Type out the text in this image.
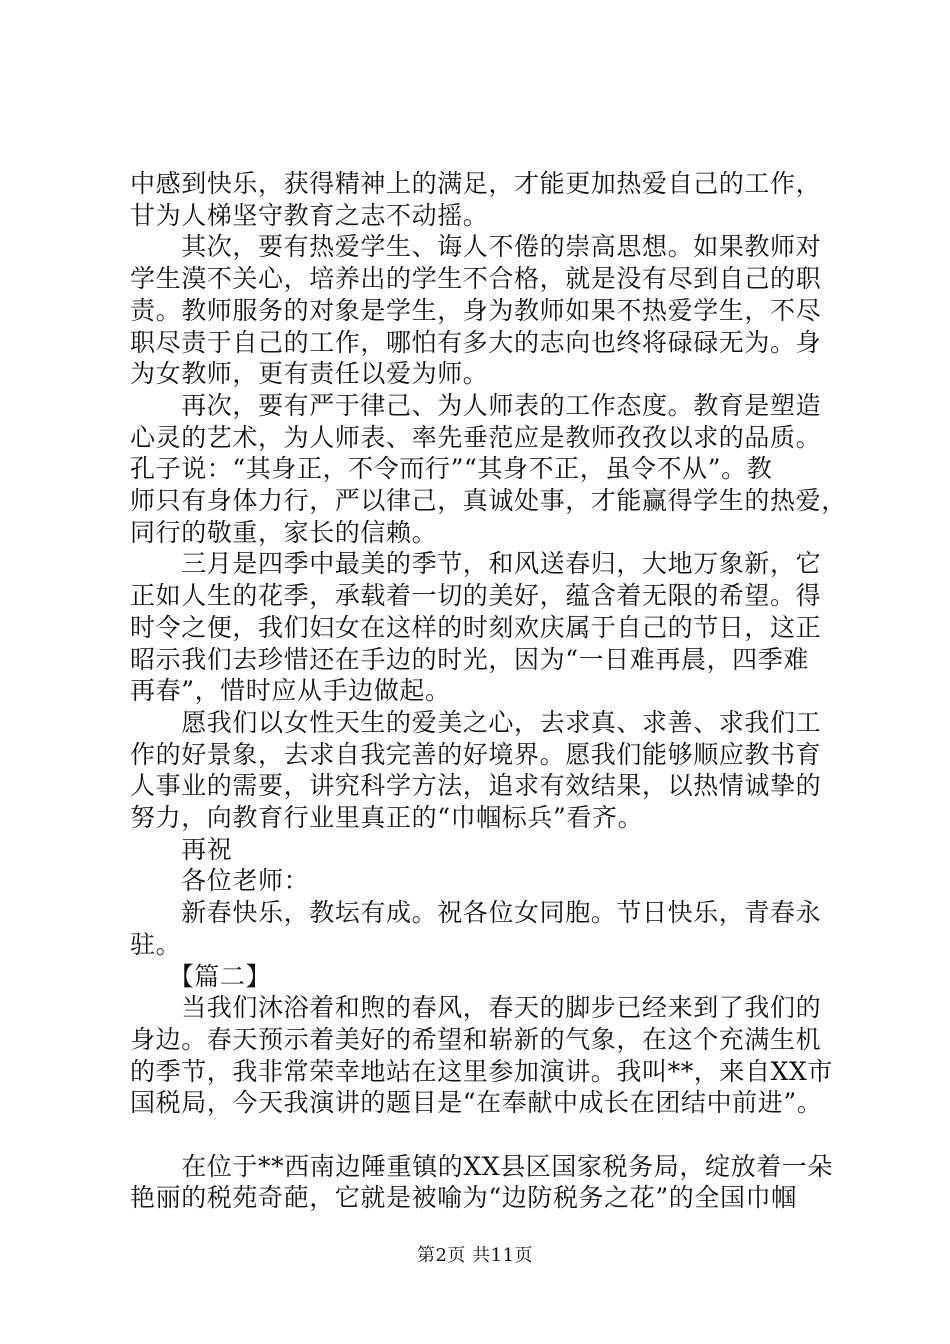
中感到快乐，获得精神上的满足，才能更加热爱自己的工作，
甘为人梯坚守教育之志不动摇。
　　其次，要有热爱学生、诲人不倦的崇高思想。如果教师对
学生漠不关心，培养出的学生不合格，就是没有尽到自己的职
责。教师服务的对象是学生，身为教师如果不热爱学生，不尽
职尽责于自己的工作，哪怕有多大的志向也终将碌碌无为。身
为女教师，更有责任以爱为师。
　　再次，要有严于律己、为人师表的工作态度。教育是塑造
心灵的艺术，为人师表、率先垂范应是教师孜孜以求的品质。
孔子说：“其身正，不令而行”“其身不正，虽令不从”。教
师只有身体力行，严以律己，真诚处事，才能赢得学生的热爱，
同行的敬重，家长的信赖。
　　三月是四季中最美的季节，和风送春归，大地万象新，它
正如人生的花季，承载着一切的美好，蕴含着无限的希望。得
时令之便，我们妇女在这样的时刻欢庆属于自己的节日，这正
昭示我们去珍惜还在手边的时光，因为“一日难再晨，四季难
再春”，惜时应从手边做起。
　　愿我们以女性天生的爱美之心，去求真、求善、求我们工
作的好景象，去求自我完善的好境界。愿我们能够顺应教书育
人事业的需要，讲究科学方法，追求有效结果，以热情诚挚的
努力，向教育行业里真正的“巾帼标兵”看齐。
　　再祝
　　各位老师：
　　新春快乐，教坛有成。祝各位女同胞。节日快乐，青春永
驻。
　　【篇二】
　　当我们沐浴着和煦的春风，春天的脚步已经来到了我们的
身边。春天预示着美好的希望和崭新的气象，在这个充满生机
的季节，我非常荣幸地站在这里参加演讲。我叫**，来自XX市
国税局，今天我演讲的题目是“在奉献中成长在团结中前进”。
　　在位于**西南边陲重镇的XX县区国家税务局，绽放着一朵
艳丽的税苑奇葩，它就是被喻为“边防税务之花”的全国巾帼
第2页 共11页
